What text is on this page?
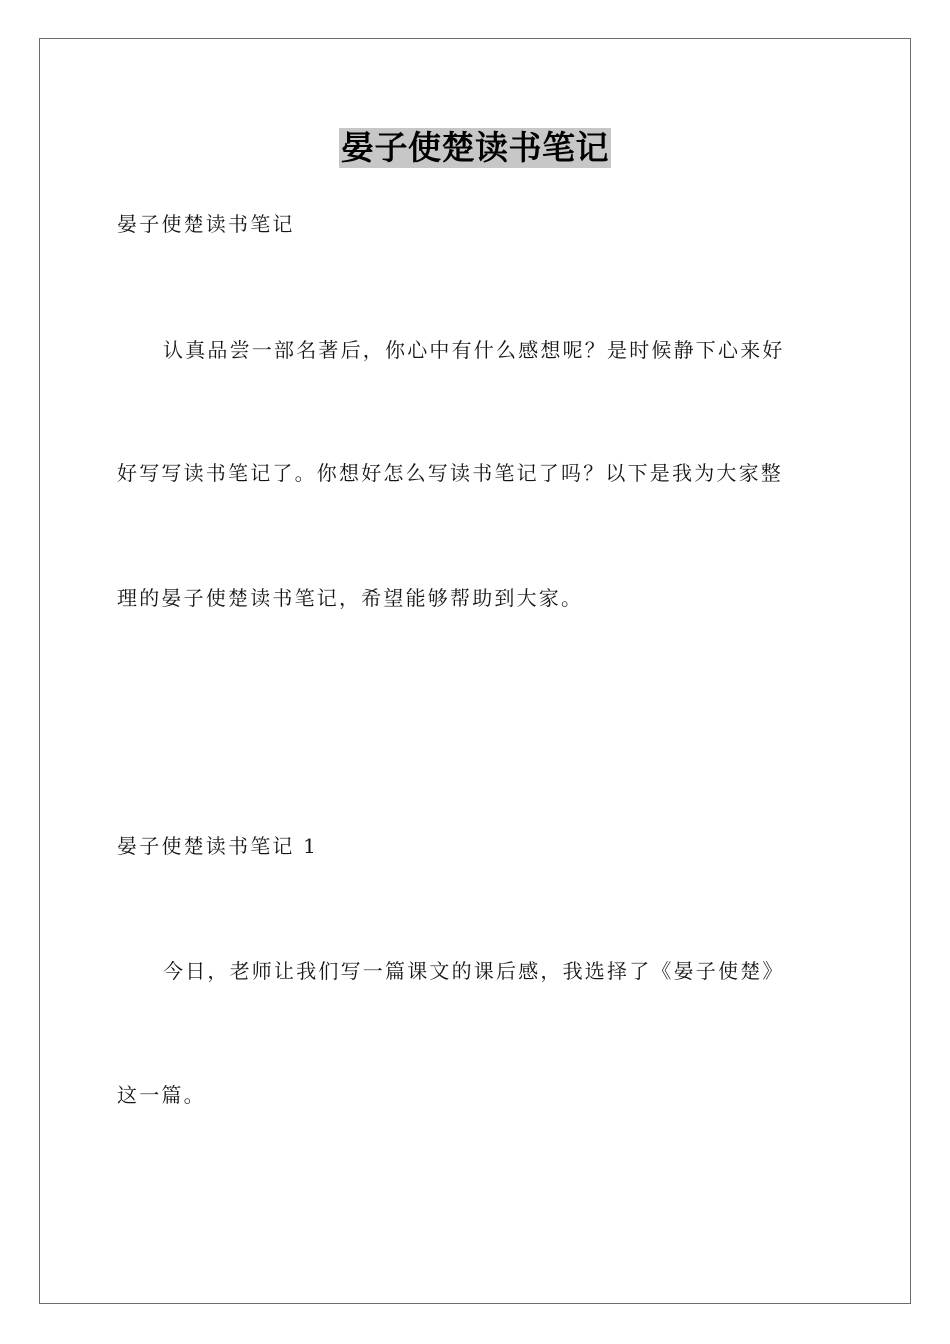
晏子使楚读书笔记
晏子使楚读书笔记
认真品尝一部名著后，你心中有什么感想呢？是时候静下心来好
好写写读书笔记了。你想好怎么写读书笔记了吗？以下是我为大家整
理的晏子使楚读书笔记，希望能够帮助到大家。
晏子使楚读书笔记 1
今日，老师让我们写一篇课文的课后感，我选择了《晏子使楚》
这一篇。
